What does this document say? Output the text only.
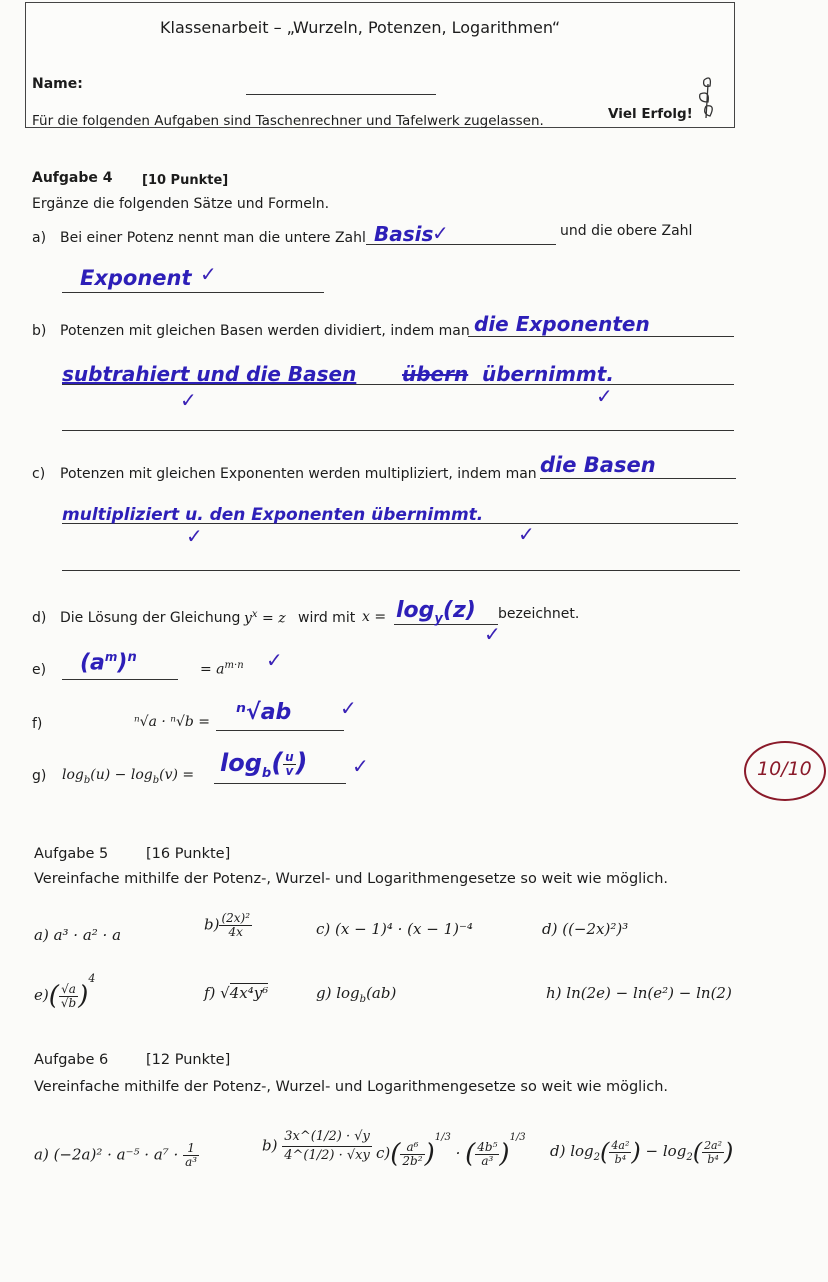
Klassenarbeit – „Wurzeln, Potenzen, Logarithmen“
Name:
Für die folgenden Aufgaben sind Taschenrechner und Tafelwerk zugelassen.	Viel Erfolg!
Aufgabe 4 [10 Punkte]
Ergänze die folgenden Sätze und Formeln.
a) Bei einer Potenz nennt man die untere Zahl Basis
✓	und die obere Zahl
Exponent ✓
b) Potenzen mit gleichen Basen werden dividiert, indem man die Exponenten
subtrahiert und die Basen übern übernimmt.
✓	✓
c) Potenzen mit gleichen Exponenten werden multipliziert, indem man die Basen
multipliziert u. den Exponenten übernimmt.
✓	✓
d) Die Lösung der Gleichung $y^x = z$ wird mit $x = \log_y(z)$ bezeichnet.
✓
e) $(a^m)^n$
= $a^{m\cdot n}$ ✓
f)	ⁿ√a · ⁿ√b = ⁿ√ab ✓
g) $\log_b(u) - \log_b(v) = \log_b( \frac{u}{v}$ ) ✓	10/10
Aufgabe 5	[16 Punkte]
Vereinfache mithilfe der Potenz-, Wurzel- und Logarithmengesetze so weit wie möglich.
a) a³ · a² · a
$b) \frac{\text{(2x)²}}{4x}$	c) (x − 1)⁴ · (x − 1)⁻⁴	d) ((−2x)²)³
$e)( \frac{√a}{√b} )^4$
f) √4x⁴y⁶	g) $\log_b(ab)$	h) ln(2e) − ln(e²) − ln(2)
Aufgabe 6	[12 Punkte]
Vereinfache mithilfe der Potenz-, Wurzel- und Logarithmengesetze so weit wie möglich.
a) $(-2a)^2 \cdot a^{-5} \cdot a^7 \cdot \frac{1}{\text{a³}}$	$b) \frac{3x\^{}(1/2) \cdot √y}{4\^{}(1/2) \cdot √xy} c)( \frac{\text{a⁶}}{\text{2b²}} )^{1/3}$ · ( $\frac{\text{4b⁵}}{\text{a³}} )^{1/3}$
d) $\log_2( \frac{\text{4a²}}{\text{b⁴}}$ ) − $\log_2( \frac{\text{2a²}}{\text{b⁴}}$ )
